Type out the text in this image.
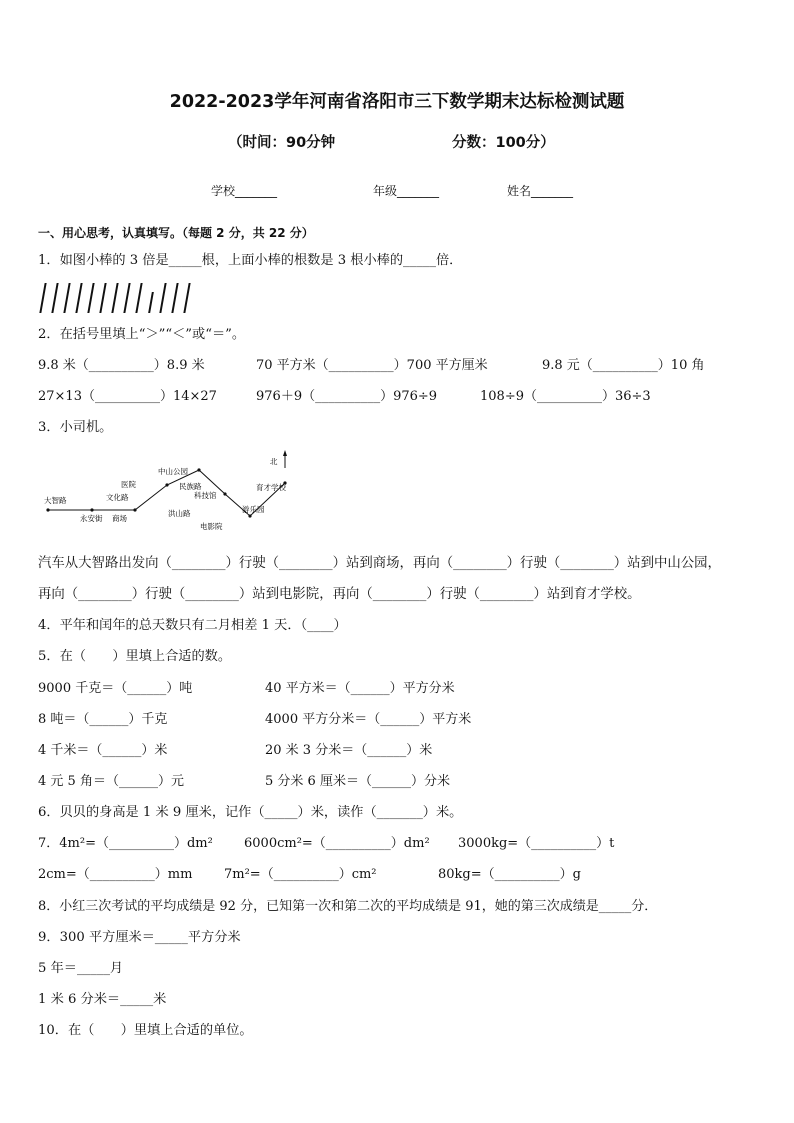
2022-2023学年河南省洛阳市三下数学期末达标检测试题
（时间：90分钟	分数：100分）
学校_______	年级_______	姓名_______
一、用心思考，认真填写。（每题 2 分，共 22 分）
1．如图小棒的 3 倍是_____根，上面小棒的根数是 3 根小棒的_____倍．
2．在括号里填上“＞”“＜”或“＝”。
9.8 米（__________）8.9 米	70 平方米（__________）700 平方厘米	9.8 元（__________）10 角
27×13（__________）14×27	976＋9（__________）976÷9	108÷9（__________）36÷3
3．小司机。
北
大智路
永安街 商场
文化路
医院
中山公园
民族路
科技馆
洪山路
电影院
游乐园
育才学校
汽车从大智路出发向（________）行驶（________）站到商场，再向（________）行驶（________）站到中山公园，
再向（________）行驶（________）站到电影院，再向（________）行驶（________）站到育才学校。
4．平年和闰年的总天数只有二月相差 1 天．（____）
5．在（　　）里填上合适的数。
9000 千克＝（______）吨	40 平方米＝（______）平方分米
8 吨＝（______）千克	4000 平方分米＝（______）平方米
4 千米＝（______）米	20 米 3 分米＝（______）米
4 元 5 角＝（______）元	5 分米 6 厘米＝（______）分米
6．贝贝的身高是 1 米 9 厘米，记作（_____）米，读作（_______）米。
7．4m²=（__________）dm² 6000cm²=（__________）dm² 3000kg=（__________）t
2cm=（__________）mm 7m²=（__________）cm²	80kg=（__________）g
8．小红三次考试的平均成绩是 92 分，已知第一次和第二次的平均成绩是 91，她的第三次成绩是_____分．
9．300 平方厘米＝_____平方分米
5 年＝_____月
1 米 6 分米＝_____米
10．在（　　）里填上合适的单位。
